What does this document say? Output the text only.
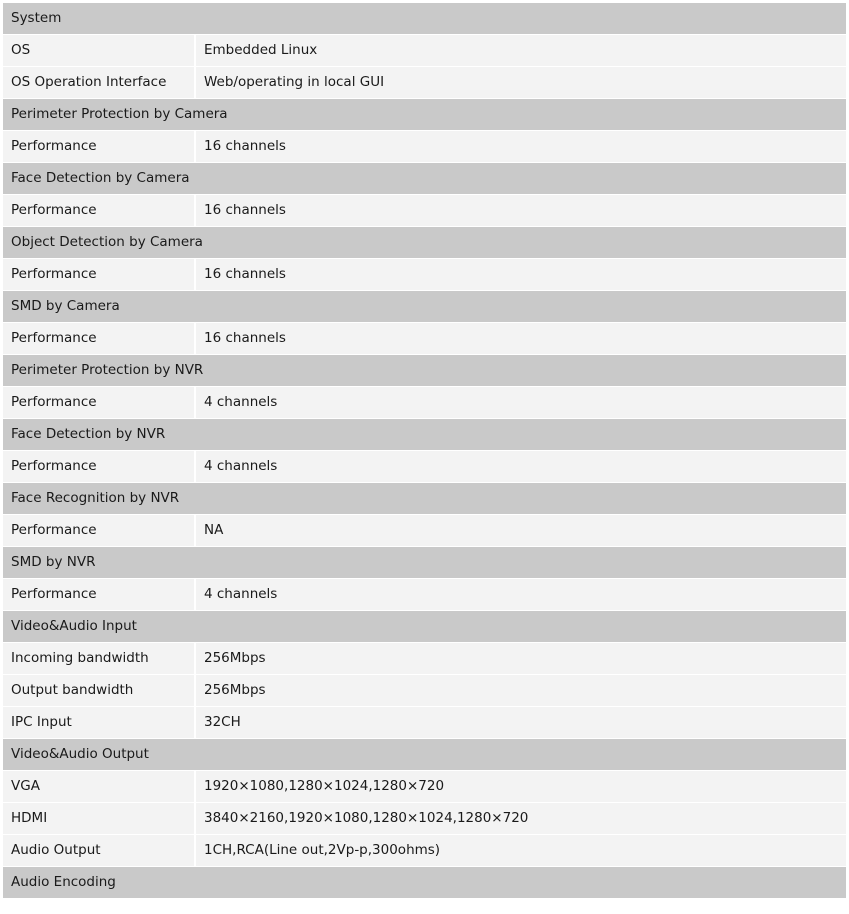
System	
OS	Embedded Linux
OS Operation Interface	Web/operating in local GUI
Perimeter Protection by Camera	
Performance	16 channels
Face Detection by Camera	
Performance	16 channels
Object Detection by Camera	
Performance	16 channels
SMD by Camera	
Performance	16 channels
Perimeter Protection by NVR	
Performance	4 channels
Face Detection by NVR	
Performance	4 channels
Face Recognition by NVR	
Performance	NA
SMD by NVR	
Performance	4 channels
Video&Audio Input	
Incoming bandwidth	256Mbps
Output bandwidth	256Mbps
IPC Input	32CH
Video&Audio Output	
VGA	1920×1080,1280×1024,1280×720
HDMI	3840×2160,1920×1080,1280×1024,1280×720
Audio Output	1CH,RCA(Line out,2Vp-p,300ohms)
Audio Encoding	
